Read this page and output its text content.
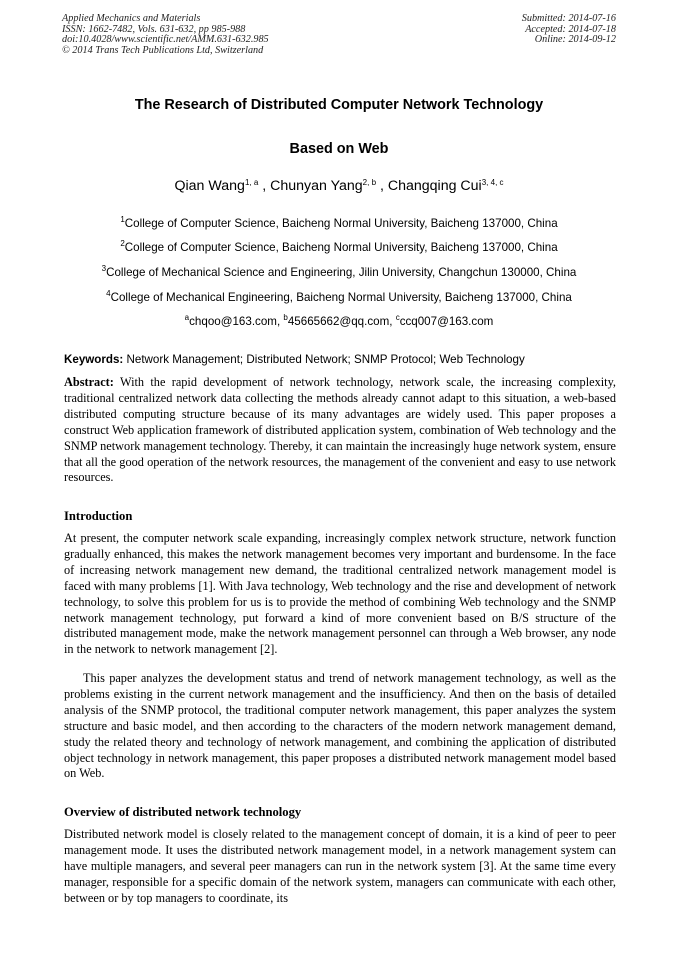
Applied Mechanics and Materials
ISSN: 1662-7482, Vols. 631-632, pp 985-988
doi:10.4028/www.scientific.net/AMM.631-632.985
© 2014 Trans Tech Publications Ltd, Switzerland
Submitted: 2014-07-16
Accepted: 2014-07-18
Online: 2014-09-12
The Research of Distributed Computer Network Technology
Based on Web
Qian Wang$^{1, a}$ , Chunyan Yang$^{2, b}$ , Changqing Cui$^{3, 4, c}$
$^1$College of Computer Science, Baicheng Normal University, Baicheng 137000, China
$^2$College of Computer Science, Baicheng Normal University, Baicheng 137000, China
$^3$College of Mechanical Science and Engineering, Jilin University, Changchun 130000, China
$^4$College of Mechanical Engineering, Baicheng Normal University, Baicheng 137000, China
$^a$chqoo@163.com, $^b$45665662@qq.com, $^c$ccq007@163.com
Keywords: Network Management; Distributed Network; SNMP Protocol; Web Technology
Abstract: With the rapid development of network technology, network scale, the increasing complexity, traditional centralized network data collecting the methods already cannot adapt to this situation, a web-based distributed computing structure because of its many advantages are widely used. This paper proposes a construct Web application framework of distributed application system, combination of Web technology and the SNMP network management technology. Thereby, it can maintain the increasingly huge network system, ensure that all the good operation of the network resources, the management of the convenient and easy to use network resources.
Introduction
At present, the computer network scale expanding, increasingly complex network structure, network function gradually enhanced, this makes the network management becomes very important and burdensome. In the face of increasing network management new demand, the traditional centralized network management model is faced with many problems [1]. With Java technology, Web technology and the rise and development of network technology, to solve this problem for us is to provide the method of combining Web technology and the SNMP network management technology, put forward a kind of more convenient based on B/S structure of the distributed management mode, make the network management personnel can through a Web browser, any node in the network to network management [2].
This paper analyzes the development status and trend of network management technology, as well as the problems existing in the current network management and the insufficiency. And then on the basis of detailed analysis of the SNMP protocol, the traditional computer network management, this paper analyzes the system structure and basic model, and then according to the characters of the modern network management demand, study the related theory and technology of network management, and combining the application of distributed object technology in network management, this paper proposes a distributed network management model based on Web.
Overview of distributed network technology
Distributed network model is closely related to the management concept of domain, it is a kind of peer to peer management mode. It uses the distributed network management model, in a network management system can have multiple managers, and several peer managers can run in the network system [3]. At the same time every manager, responsible for a specific domain of the network system, managers can communicate with each other, between or by top managers to coordinate, its
